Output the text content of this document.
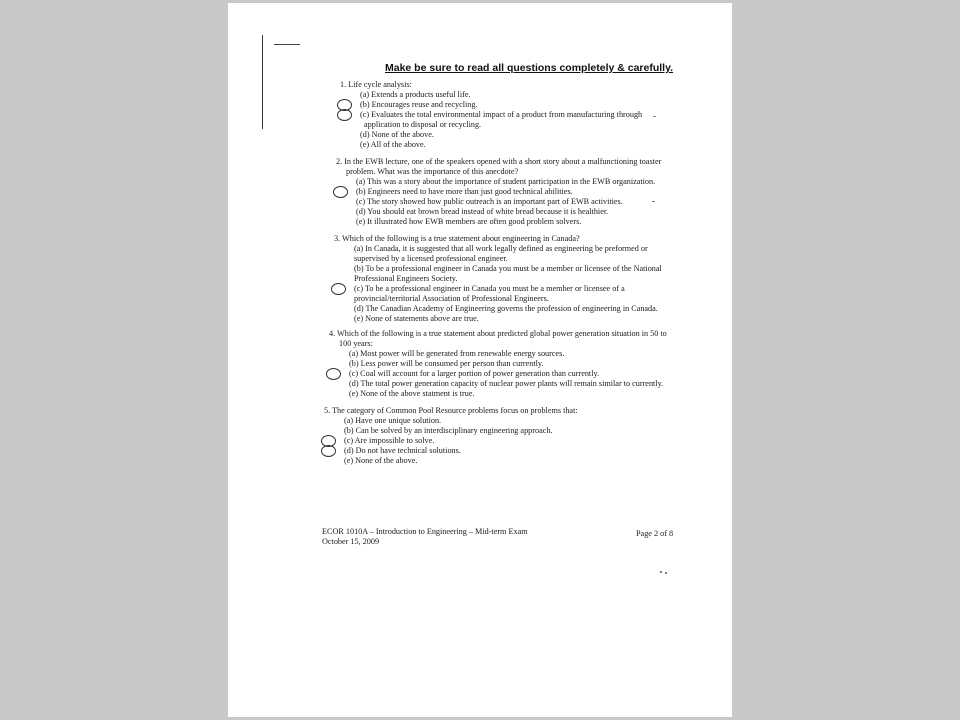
Make be sure to read all questions completely & carefully.
1. Life cycle analysis:
(a) Extends a products useful life.
(b) Encourages reuse and recycling.
(c) Evaluates the total environmental impact of a product from manufacturing through
application to disposal or recycling.
(d) None of the above.
(e) All of the above.
2. In the EWB lecture, one of the speakers opened with a short story about a malfunctioning toaster
problem. What was the importance of this anecdote?
(a) This was a story about the importance of student participation in the EWB organization.
(b) Engineers need to have more than just good technical abilities.
(c) The story showed how public outreach is an important part of EWB activities.
(d) You should eat brown bread instead of white bread because it is healthier.
(e) It illustrated how EWB members are often good problem solvers.
3. Which of the following is a true statement about engineering in Canada?
(a) In Canada, it is suggested that all work legally defined as engineering be preformed or
supervised by a licensed professional engineer.
(b) To be a professional engineer in Canada you must be a member or licensee of the National
Professional Engineers Society.
(c) To be a professional engineer in Canada you must be a member or licensee of a
provincial/territorial Association of Professional Engineers.
(d) The Canadian Academy of Engineering governs the profession of engineering in Canada.
(e) None of statements above are true.
4. Which of the following is a true statement about predicted global power generation situation in 50 to
100 years:
(a) Most power will be generated from renewable energy sources.
(b) Less power will be consumed per person than currently.
(c) Coal will account for a larger portion of power generation than currently.
(d) The total power generation capacity of nuclear power plants will remain similar to currently.
(e) None of the above statment is true.
5. The category of Common Pool Resource problems focus on problems that:
(a) Have one unique solution.
(b) Can be solved by an interdisciplinary engineering approach.
(c) Are impossible to solve.
(d) Do not have technical solutions.
(e) None of the above.
ECOR 1010A – Introduction to Engineering – Mid-term Exam
October 15, 2009
Page 2 of 8
